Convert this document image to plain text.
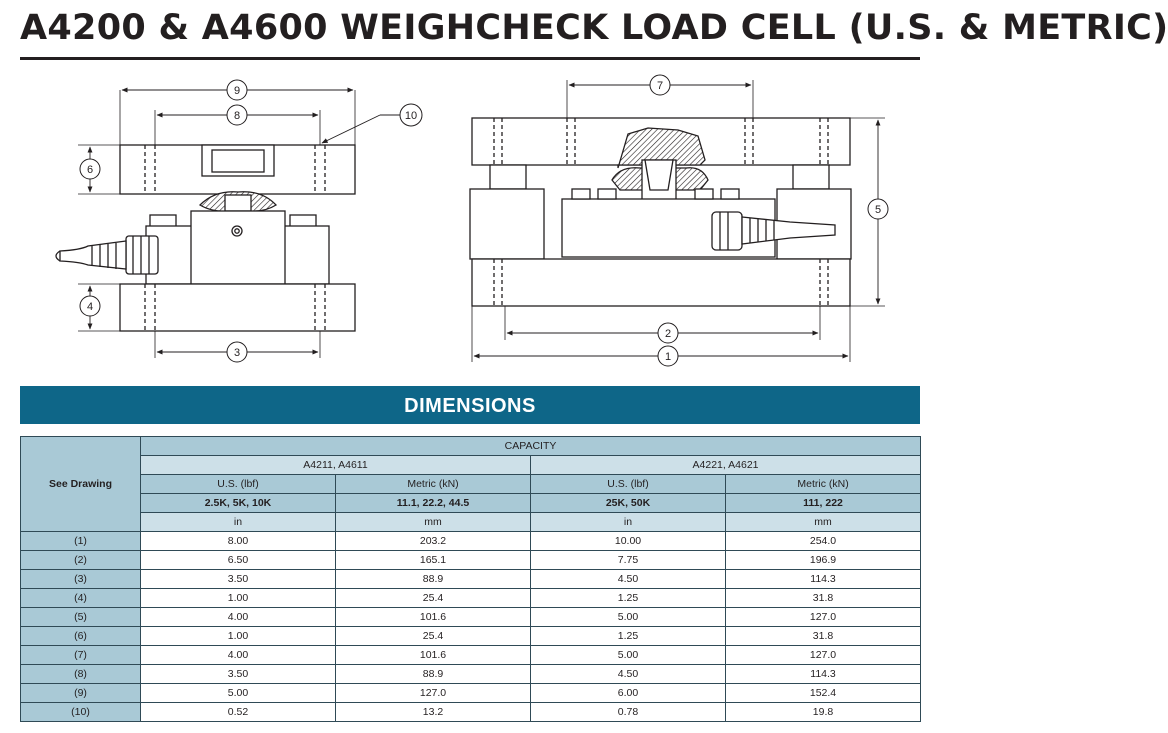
A4200 & A4600 WEIGHCHECK LOAD CELL (U.S. & METRIC)
1
2
3
4
5
6
7
8
9
10
DIMENSIONS
See Drawing	CAPACITY			
	A4211, A4611		A4221, A4621	
	U.S. (lbf)	Metric (kN)	U.S. (lbf)	Metric (kN)
	2.5K, 5K, 10K	11.1, 22.2, 44.5	25K, 50K	111, 222
	in	mm	in	mm
(1)	8.00	203.2	10.00	254.0
(2)	6.50	165.1	7.75	196.9
(3)	3.50	88.9	4.50	114.3
(4)	1.00	25.4	1.25	31.8
(5)	4.00	101.6	5.00	127.0
(6)	1.00	25.4	1.25	31.8
(7)	4.00	101.6	5.00	127.0
(8)	3.50	88.9	4.50	114.3
(9)	5.00	127.0	6.00	152.4
(10)	0.52	13.2	0.78	19.8
